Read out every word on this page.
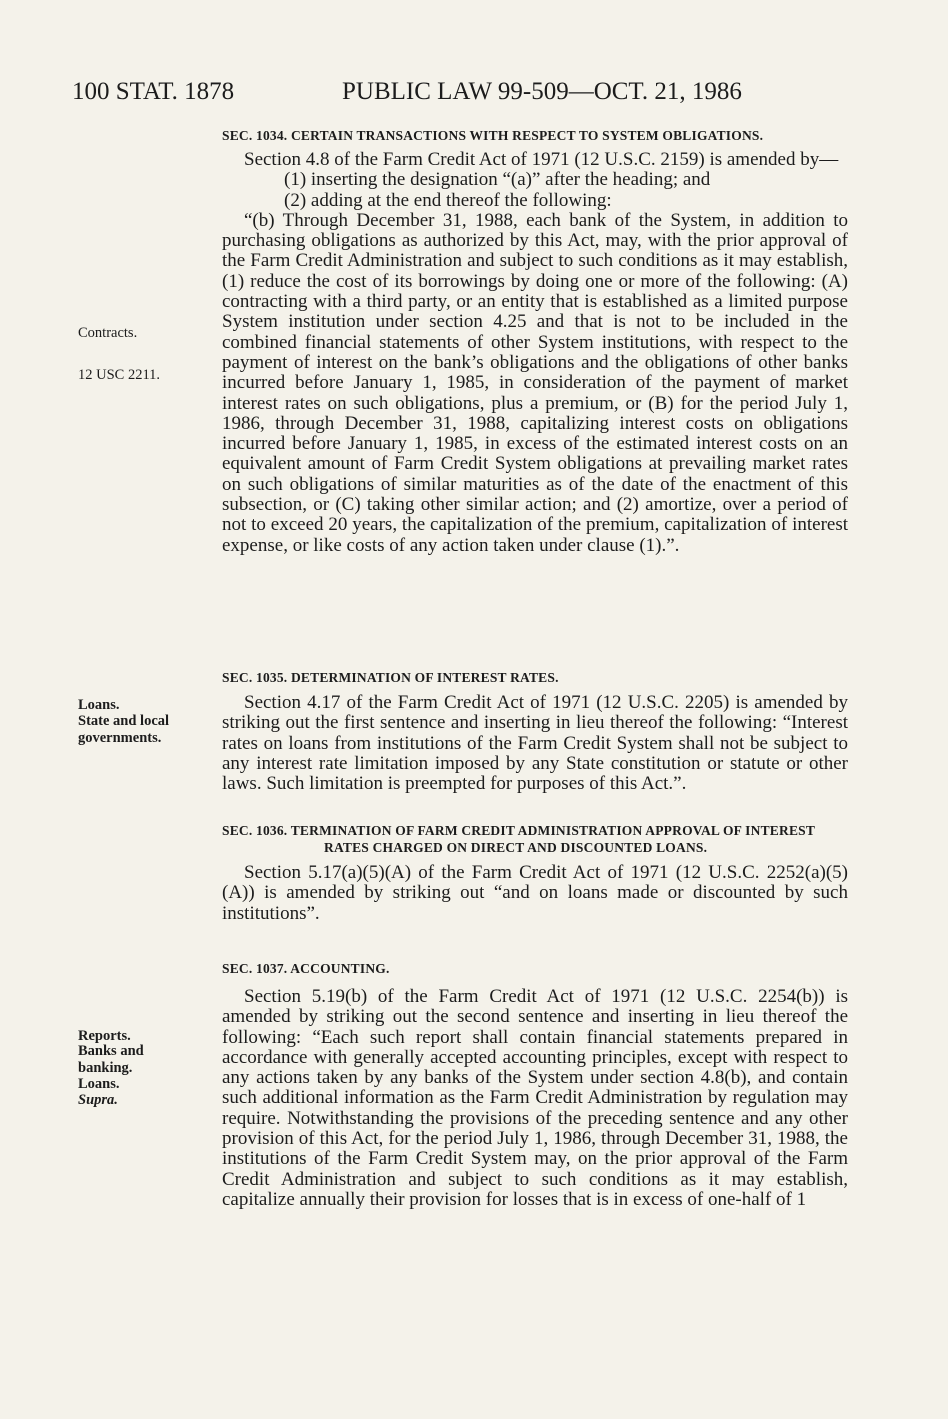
100 STAT. 1878	PUBLIC LAW 99-509—OCT. 21, 1986
Contracts.
12 USC 2211.
Loans.
State and local governments.
Reports.
Banks and banking.
Loans.
Supra.
SEC. 1034. CERTAIN TRANSACTIONS WITH RESPECT TO SYSTEM OBLIGATIONS.
Section 4.8 of the Farm Credit Act of 1971 (12 U.S.C. 2159) is amended by—
(1) inserting the designation “(a)” after the heading; and
(2) adding at the end thereof the following:
“(b) Through December 31, 1988, each bank of the System, in addition to purchasing obligations as authorized by this Act, may, with the prior approval of the Farm Credit Administration and subject to such conditions as it may establish, (1) reduce the cost of its borrowings by doing one or more of the following: (A) contracting with a third party, or an entity that is established as a limited purpose System institution under section 4.25 and that is not to be included in the combined financial statements of other System institutions, with respect to the payment of interest on the bank’s obligations and the obligations of other banks incurred before January 1, 1985, in consideration of the payment of market interest rates on such obligations, plus a premium, or (B) for the period July 1, 1986, through December 31, 1988, capitalizing interest costs on obligations incurred before January 1, 1985, in excess of the estimated interest costs on an equivalent amount of Farm Credit System obligations at prevailing market rates on such obligations of similar maturities as of the date of the enactment of this subsection, or (C) taking other similar action; and (2) amortize, over a period of not to exceed 20 years, the capitalization of the premium, capitalization of interest expense, or like costs of any action taken under clause (1).”.
SEC. 1035. DETERMINATION OF INTEREST RATES.
Section 4.17 of the Farm Credit Act of 1971 (12 U.S.C. 2205) is amended by striking out the first sentence and inserting in lieu thereof the following: “Interest rates on loans from institutions of the Farm Credit System shall not be subject to any interest rate limitation imposed by any State constitution or statute or other laws. Such limitation is preempted for purposes of this Act.”.
SEC. 1036. TERMINATION OF FARM CREDIT ADMINISTRATION APPROVAL OF INTEREST RATES CHARGED ON DIRECT AND DISCOUNTED LOANS.
Section 5.17(a)(5)(A) of the Farm Credit Act of 1971 (12 U.S.C. 2252(a)(5)(A)) is amended by striking out “and on loans made or discounted by such institutions”.
SEC. 1037. ACCOUNTING.
Section 5.19(b) of the Farm Credit Act of 1971 (12 U.S.C. 2254(b)) is amended by striking out the second sentence and inserting in lieu thereof the following: “Each such report shall contain financial statements prepared in accordance with generally accepted accounting principles, except with respect to any actions taken by any banks of the System under section 4.8(b), and contain such additional information as the Farm Credit Administration by regulation may require. Notwithstanding the provisions of the preceding sentence and any other provision of this Act, for the period July 1, 1986, through December 31, 1988, the institutions of the Farm Credit System may, on the prior approval of the Farm Credit Administration and subject to such conditions as it may establish, capitalize annually their provision for losses that is in excess of one-half of 1
